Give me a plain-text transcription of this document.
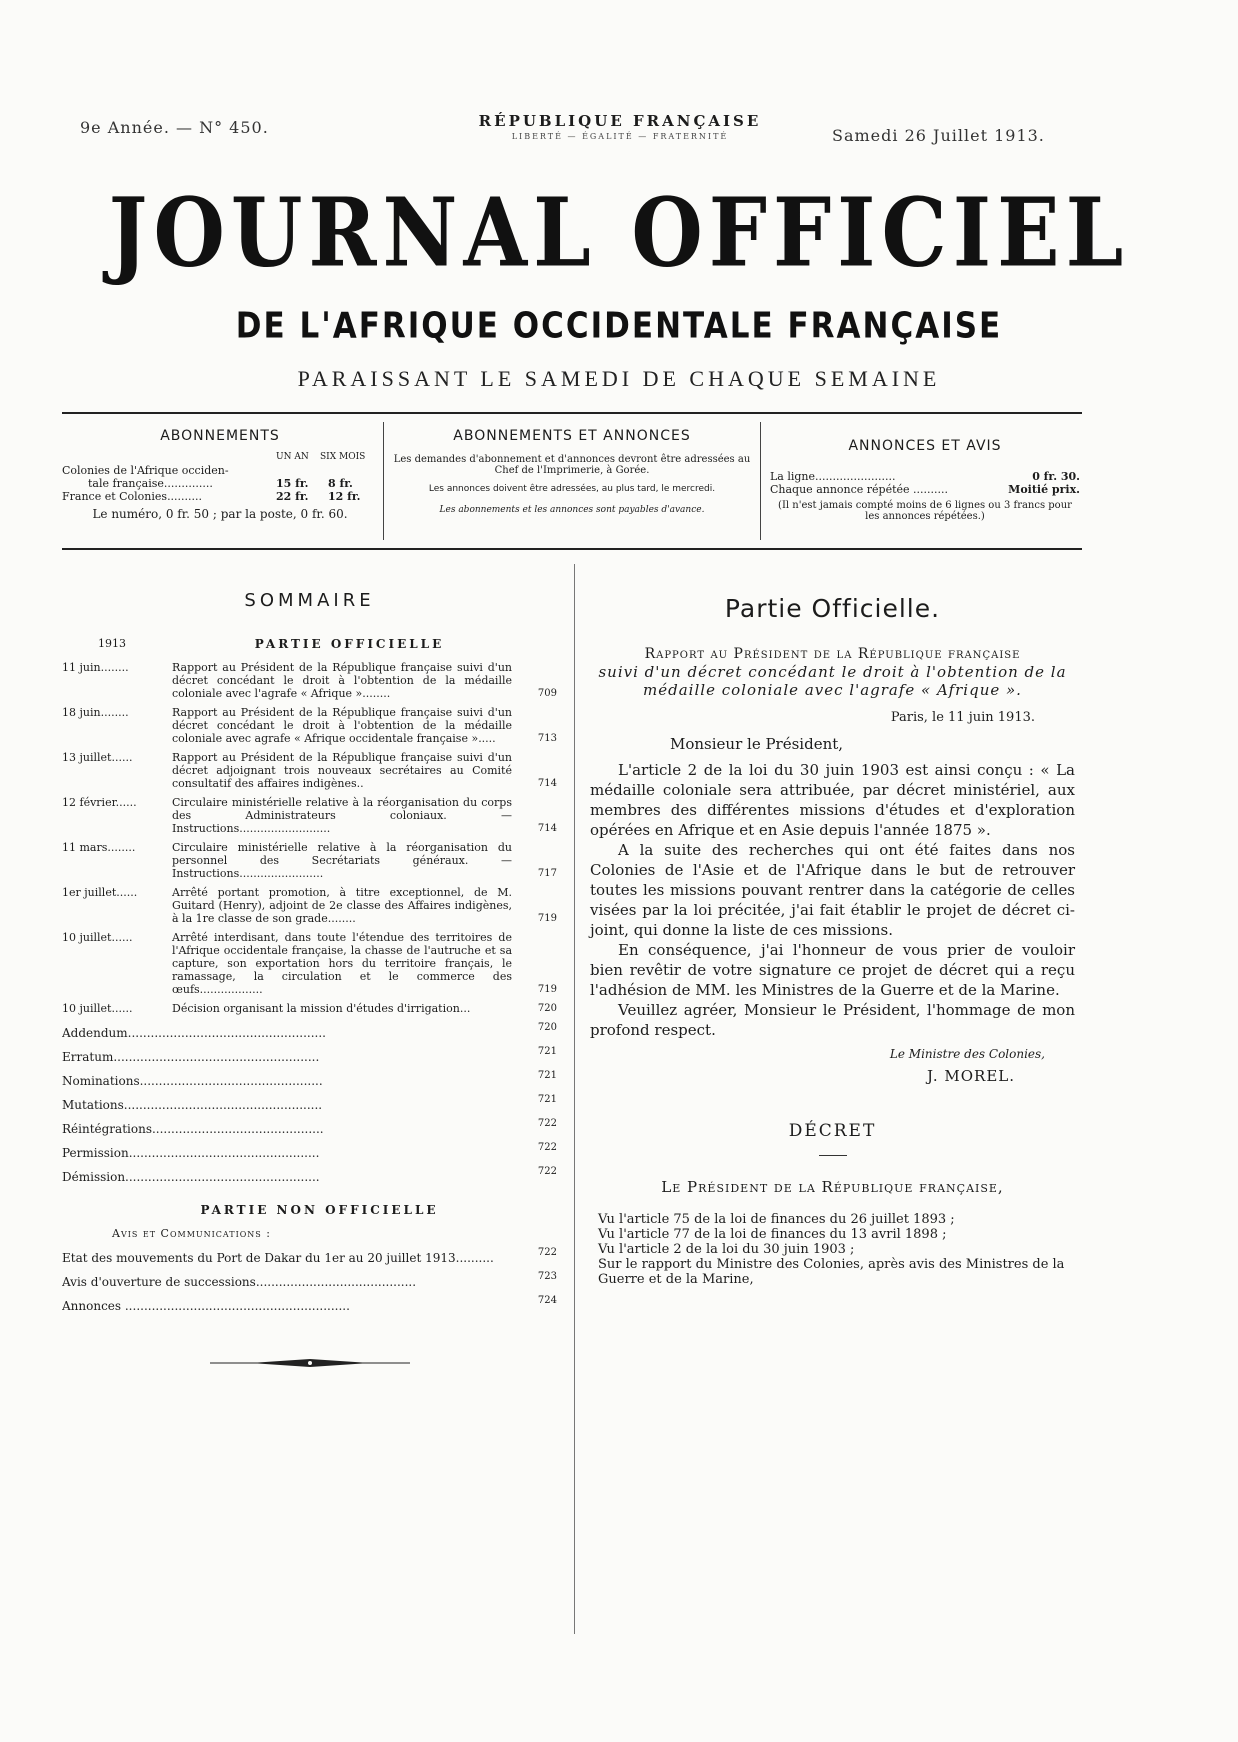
9e Année. — N° 450.	RÉPUBLIQUE FRANÇAISE
LIBERTÉ — ÉGALITÉ — FRATERNITÉ	Samedi 26 Juillet 1913.
JOURNAL OFFICIEL
DE L'AFRIQUE OCCIDENTALE FRANÇAISE
PARAISSANT LE SAMEDI DE CHAQUE SEMAINE
ABONNEMENTS
UN AN SIX MOIS
Colonies de l'Afrique occiden-
tale française..............	15 fr. 8 fr.
France et Colonies..........	22 fr. 12 fr.
Le numéro, 0 fr. 50 ; par la poste, 0 fr. 60.
ABONNEMENTS ET ANNONCES
Les demandes d'abonnement et d'annonces devront être adressées au Chef de l'Imprimerie, à Gorée.
Les annonces doivent être adressées, au plus tard, le mercredi.
Les abonnements et les annonces sont payables d'avance.
ANNONCES ET AVIS
La ligne.......................	0 fr. 30.
Chaque annonce répétée ..........	Moitié prix.
(Il n'est jamais compté moins de 6 lignes ou 3 francs pour les annonces répétées.)
SOMMAIRE
1913	PARTIE OFFICIELLE
11 juin........	Rapport au Président de la République française suivi d'un décret concédant le droit à l'obtention de la médaille coloniale avec l'agrafe « Afrique »........	709
18 juin........	Rapport au Président de la République française suivi d'un décret concédant le droit à l'obtention de la médaille coloniale avec agrafe « Afrique occidentale française ».....	713
13 juillet......	Rapport au Président de la République française suivi d'un décret adjoignant trois nouveaux secrétaires au Comité consultatif des affaires indigènes..	714
12 février......	Circulaire ministérielle relative à la réorganisation du corps des Administrateurs coloniaux. — Instructions..........................	714
11 mars........	Circulaire ministérielle relative à la réorganisation du personnel des Secrétariats généraux. — Instructions........................	717
1er juillet......	Arrêté portant promotion, à titre exceptionnel, de M. Guitard (Henry), adjoint de 2e classe des Affaires indigènes, à la 1re classe de son grade........	719
10 juillet......	Arrêté interdisant, dans toute l'étendue des territoires de l'Afrique occidentale française, la chasse de l'autruche et sa capture, son exportation hors du territoire français, le ramassage, la circulation et le commerce des œufs..................	719
10 juillet......	Décision organisant la mission d'études d'irrigation...	720
Addendum....................................................	720
Erratum......................................................	721
Nominations................................................	721
Mutations....................................................	721
Réintégrations.............................................	722
Permission..................................................	722
Démission...................................................	722
PARTIE NON OFFICIELLE
Avis et Communications :
Etat des mouvements du Port de Dakar du 1er au 20 juillet 1913..........	722
Avis d'ouverture de successions..........................................	723
Annonces ...........................................................	724
Partie Officielle.
Rapport au Président de la République française
suivi d'un décret concédant le droit à l'obtention de la
médaille coloniale avec l'agrafe « Afrique ».
Paris, le 11 juin 1913.
Monsieur le Président,

L'article 2 de la loi du 30 juin 1903 est ainsi conçu : « La médaille coloniale sera attribuée, par décret ministériel, aux membres des différentes missions d'études et d'exploration opérées en Afrique et en Asie depuis l'année 1875 ».

A la suite des recherches qui ont été faites dans nos Colonies de l'Asie et de l'Afrique dans le but de retrouver toutes les missions pouvant rentrer dans la catégorie de celles visées par la loi précitée, j'ai fait établir le projet de décret ci-joint, qui donne la liste de ces missions.

En conséquence, j'ai l'honneur de vous prier de vouloir bien revêtir de votre signature ce projet de décret qui a reçu l'adhésion de MM. les Ministres de la Guerre et de la Marine.

Veuillez agréer, Monsieur le Président, l'hommage de mon profond respect.

Le Ministre des Colonies,
J. MOREL.
DÉCRET
Le Président de la République française,
Vu l'article 75 de la loi de finances du 26 juillet 1893 ;
Vu l'article 77 de la loi de finances du 13 avril 1898 ;
Vu l'article 2 de la loi du 30 juin 1903 ;
Sur le rapport du Ministre des Colonies, après avis des Ministres de la Guerre et de la Marine,
